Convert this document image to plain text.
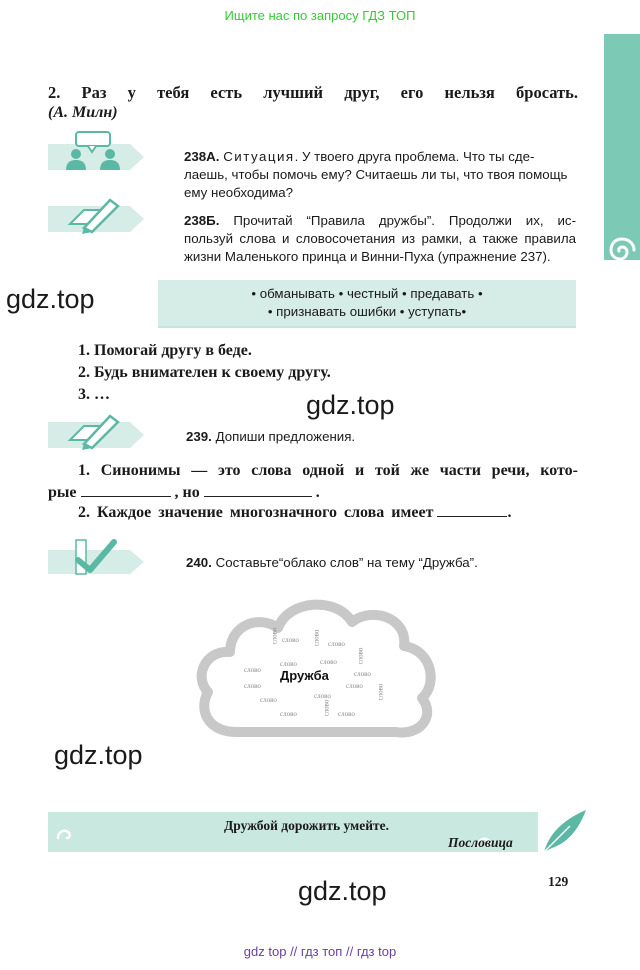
Ищите нас по запросу ГДЗ ТОП
2. Раз у тебя есть лучший друг, его нельзя бросать.
(А. Милн)
238А. Ситуация. У твоего друга проблема. Что ты сде-
лаешь, чтобы помочь ему? Считаешь ли ты, что твоя помощь
ему необходима?
238Б. Прочитай “Правила дружбы”. Продолжи их, ис-
пользуй слова и словосочетания из рамки, а также правила
жизни Маленького принца и Винни-Пуха (упражнение 237).
gdz.top	• обманывать • честный • предавать •
• признавать ошибки • уступать•
1. Помогай другу в беде.
2. Будь внимателен к своему другу.
3. …	gdz.top
239. Допиши предложения.
1. Синонимы — это слова одной и той же части речи, кото-
рые	, но	.
2. Каждое значение многозначного слова имеет	.
240. Составьте“облако слов” на тему “Дружба”.
Дружба
слово	слово
слово	слово
слово	слово	слово
слово	слово
слово	слово
слово	слово	слово
слово	слово слово
gdz.top
Дружбой дорожить умейте.
Пословица
129
gdz.top
gdz top // гдз топ // гдз top
